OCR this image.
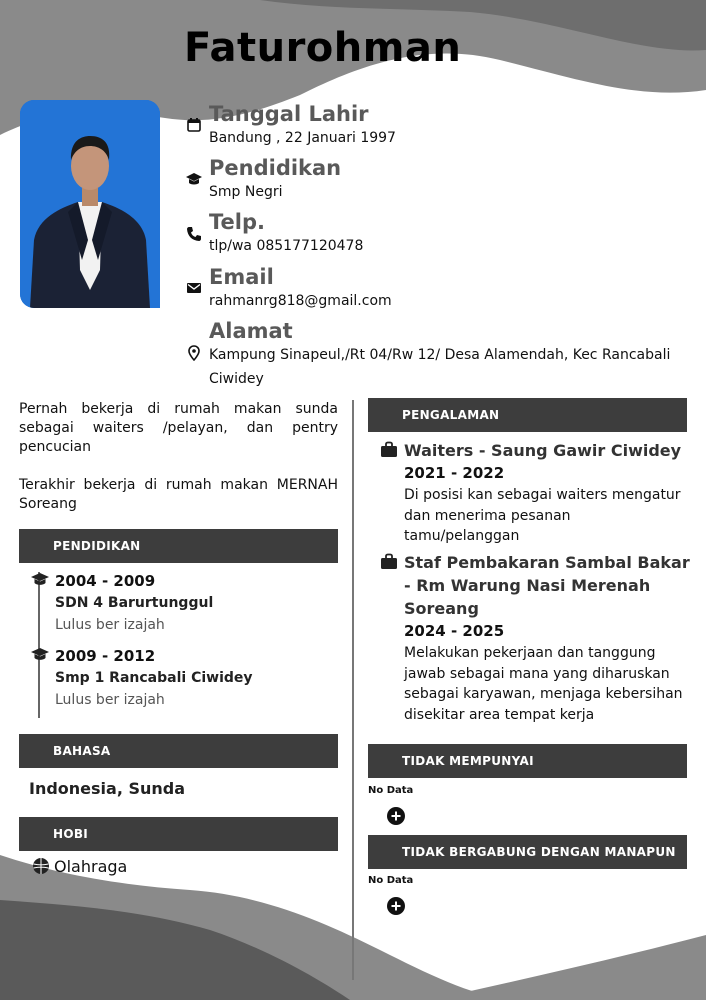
Faturohman
Tanggal Lahir
Bandung , 22 Januari 1997
Pendidikan
Smp Negri
Telp.
tlp/wa 085177120478
Email
rahmanrg818@gmail.com
Alamat
Kampung Sinapeul,/Rt 04/Rw 12/ Desa Alamendah, Kec Rancabali
Ciwidey

Pernah bekerja di rumah makan sunda sebagai waiters /pelayan, dan pentry pencucian

Terakhir bekerja di rumah makan MERNAH Soreang

PENDIDIKAN
2004 - 2009
SDN 4 Barurtunggul
Lulus ber izajah
2009 - 2012
Smp 1 Rancabali Ciwidey
Lulus ber izajah
BAHASA
Indonesia, Sunda
HOBI
Olahraga
PENGALAMAN
Waiters - Saung Gawir Ciwidey
2021 - 2022
Di posisi kan sebagai waiters mengatur dan menerima pesanan tamu/pelanggan
Staf Pembakaran Sambal Bakar - Rm Warung Nasi Merenah Soreang
2024 - 2025
Melakukan pekerjaan dan tanggung jawab sebagai mana yang diharuskan sebagai karyawan, menjaga kebersihan disekitar area tempat kerja
TIDAK MEMPUNYAI
No Data
TIDAK BERGABUNG DENGAN MANAPUN
No Data
